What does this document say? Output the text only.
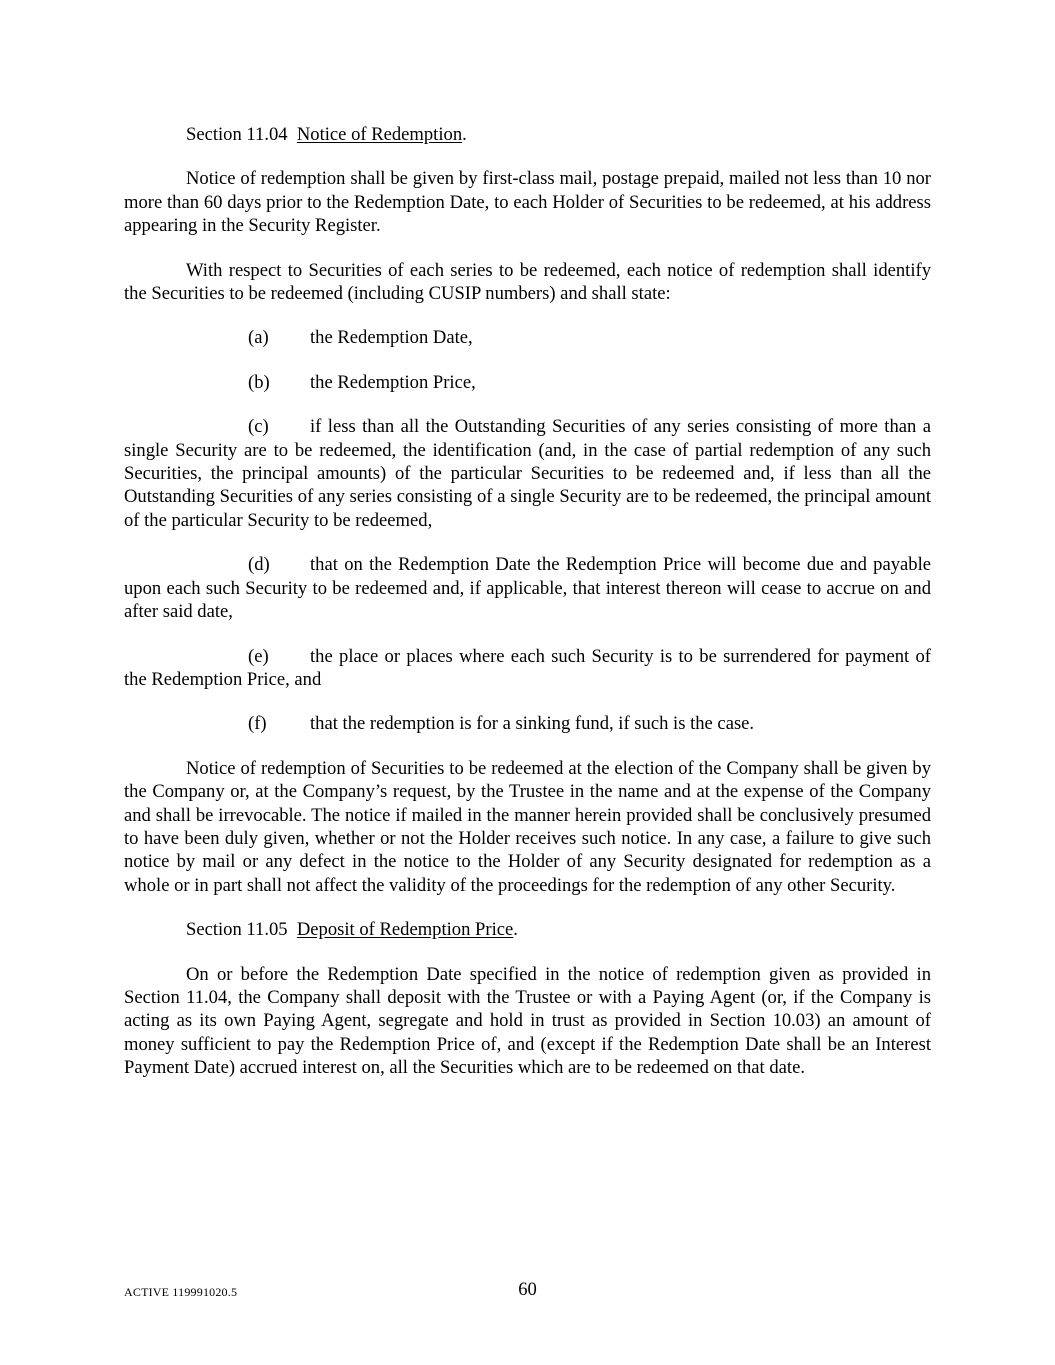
Section 11.04 Notice of Redemption.

Notice of redemption shall be given by first-class mail, postage prepaid, mailed not less than 10 nor more than 60 days prior to the Redemption Date, to each Holder of Securities to be redeemed, at his address appearing in the Security Register.

With respect to Securities of each series to be redeemed, each notice of redemption shall identify the Securities to be redeemed (including CUSIP numbers) and shall state:

(a) the Redemption Date,

(b) the Redemption Price,

(c) if less than all the Outstanding Securities of any series consisting of more than a single Security are to be redeemed, the identification (and, in the case of partial redemption of any such Securities, the principal amounts) of the particular Securities to be redeemed and, if less than all the Outstanding Securities of any series consisting of a single Security are to be redeemed, the principal amount of the particular Security to be redeemed,

(d) that on the Redemption Date the Redemption Price will become due and payable upon each such Security to be redeemed and, if applicable, that interest thereon will cease to accrue on and after said date,

(e) the place or places where each such Security is to be surrendered for payment of the Redemption Price, and

(f) that the redemption is for a sinking fund, if such is the case.

Notice of redemption of Securities to be redeemed at the election of the Company shall be given by the Company or, at the Company’s request, by the Trustee in the name and at the expense of the Company and shall be irrevocable. The notice if mailed in the manner herein provided shall be conclusively presumed to have been duly given, whether or not the Holder receives such notice. In any case, a failure to give such notice by mail or any defect in the notice to the Holder of any Security designated for redemption as a whole or in part shall not affect the validity of the proceedings for the redemption of any other Security.

Section 11.05 Deposit of Redemption Price.

On or before the Redemption Date specified in the notice of redemption given as provided in Section 11.04, the Company shall deposit with the Trustee or with a Paying Agent (or, if the Company is acting as its own Paying Agent, segregate and hold in trust as provided in Section 10.03) an amount of money sufficient to pay the Redemption Price of, and (except if the Redemption Date shall be an Interest Payment Date) accrued interest on, all the Securities which are to be redeemed on that date.

ACTIVE 119991020.5	60
